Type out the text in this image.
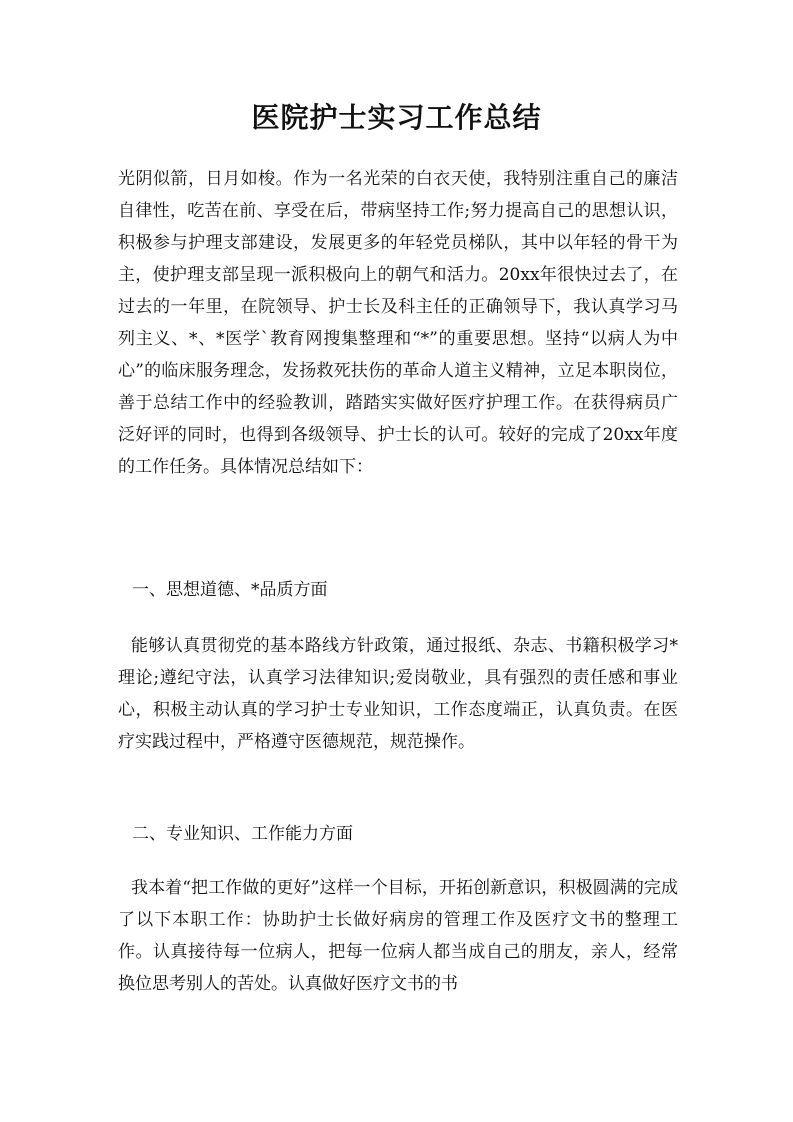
医院护士实习工作总结

光阴似箭，日月如梭。作为一名光荣的白衣天使，我特别注重自己的廉洁自律性，吃苦在前、享受在后，带病坚持工作;努力提高自己的思想认识，积极参与护理支部建设，发展更多的年轻党员梯队，其中以年轻的骨干为主，使护理支部呈现一派积极向上的朝气和活力。20xx年很快过去了，在过去的一年里，在院领导、护士长及科主任的正确领导下，我认真学习马列主义、*、*医学`教育网搜集整理和“*”的重要思想。坚持“以病人为中心”的临床服务理念，发扬救死扶伤的革命人道主义精神，立足本职岗位，善于总结工作中的经验教训，踏踏实实做好医疗护理工作。在获得病员广泛好评的同时，也得到各级领导、护士长的认可。较好的完成了20xx年度的工作任务。具体情况总结如下：

一、思想道德、*品质方面

能够认真贯彻党的基本路线方针政策，通过报纸、杂志、书籍积极学习*理论;遵纪守法，认真学习法律知识;爱岗敬业，具有强烈的责任感和事业心，积极主动认真的学习护士专业知识，工作态度端正，认真负责。在医疗实践过程中，严格遵守医德规范，规范操作。

二、专业知识、工作能力方面

我本着“把工作做的更好”这样一个目标，开拓创新意识，积极圆满的完成了以下本职工作：协助护士长做好病房的管理工作及医疗文书的整理工作。认真接待每一位病人，把每一位病人都当成自己的朋友，亲人，经常换位思考别人的苦处。认真做好医疗文书的书
